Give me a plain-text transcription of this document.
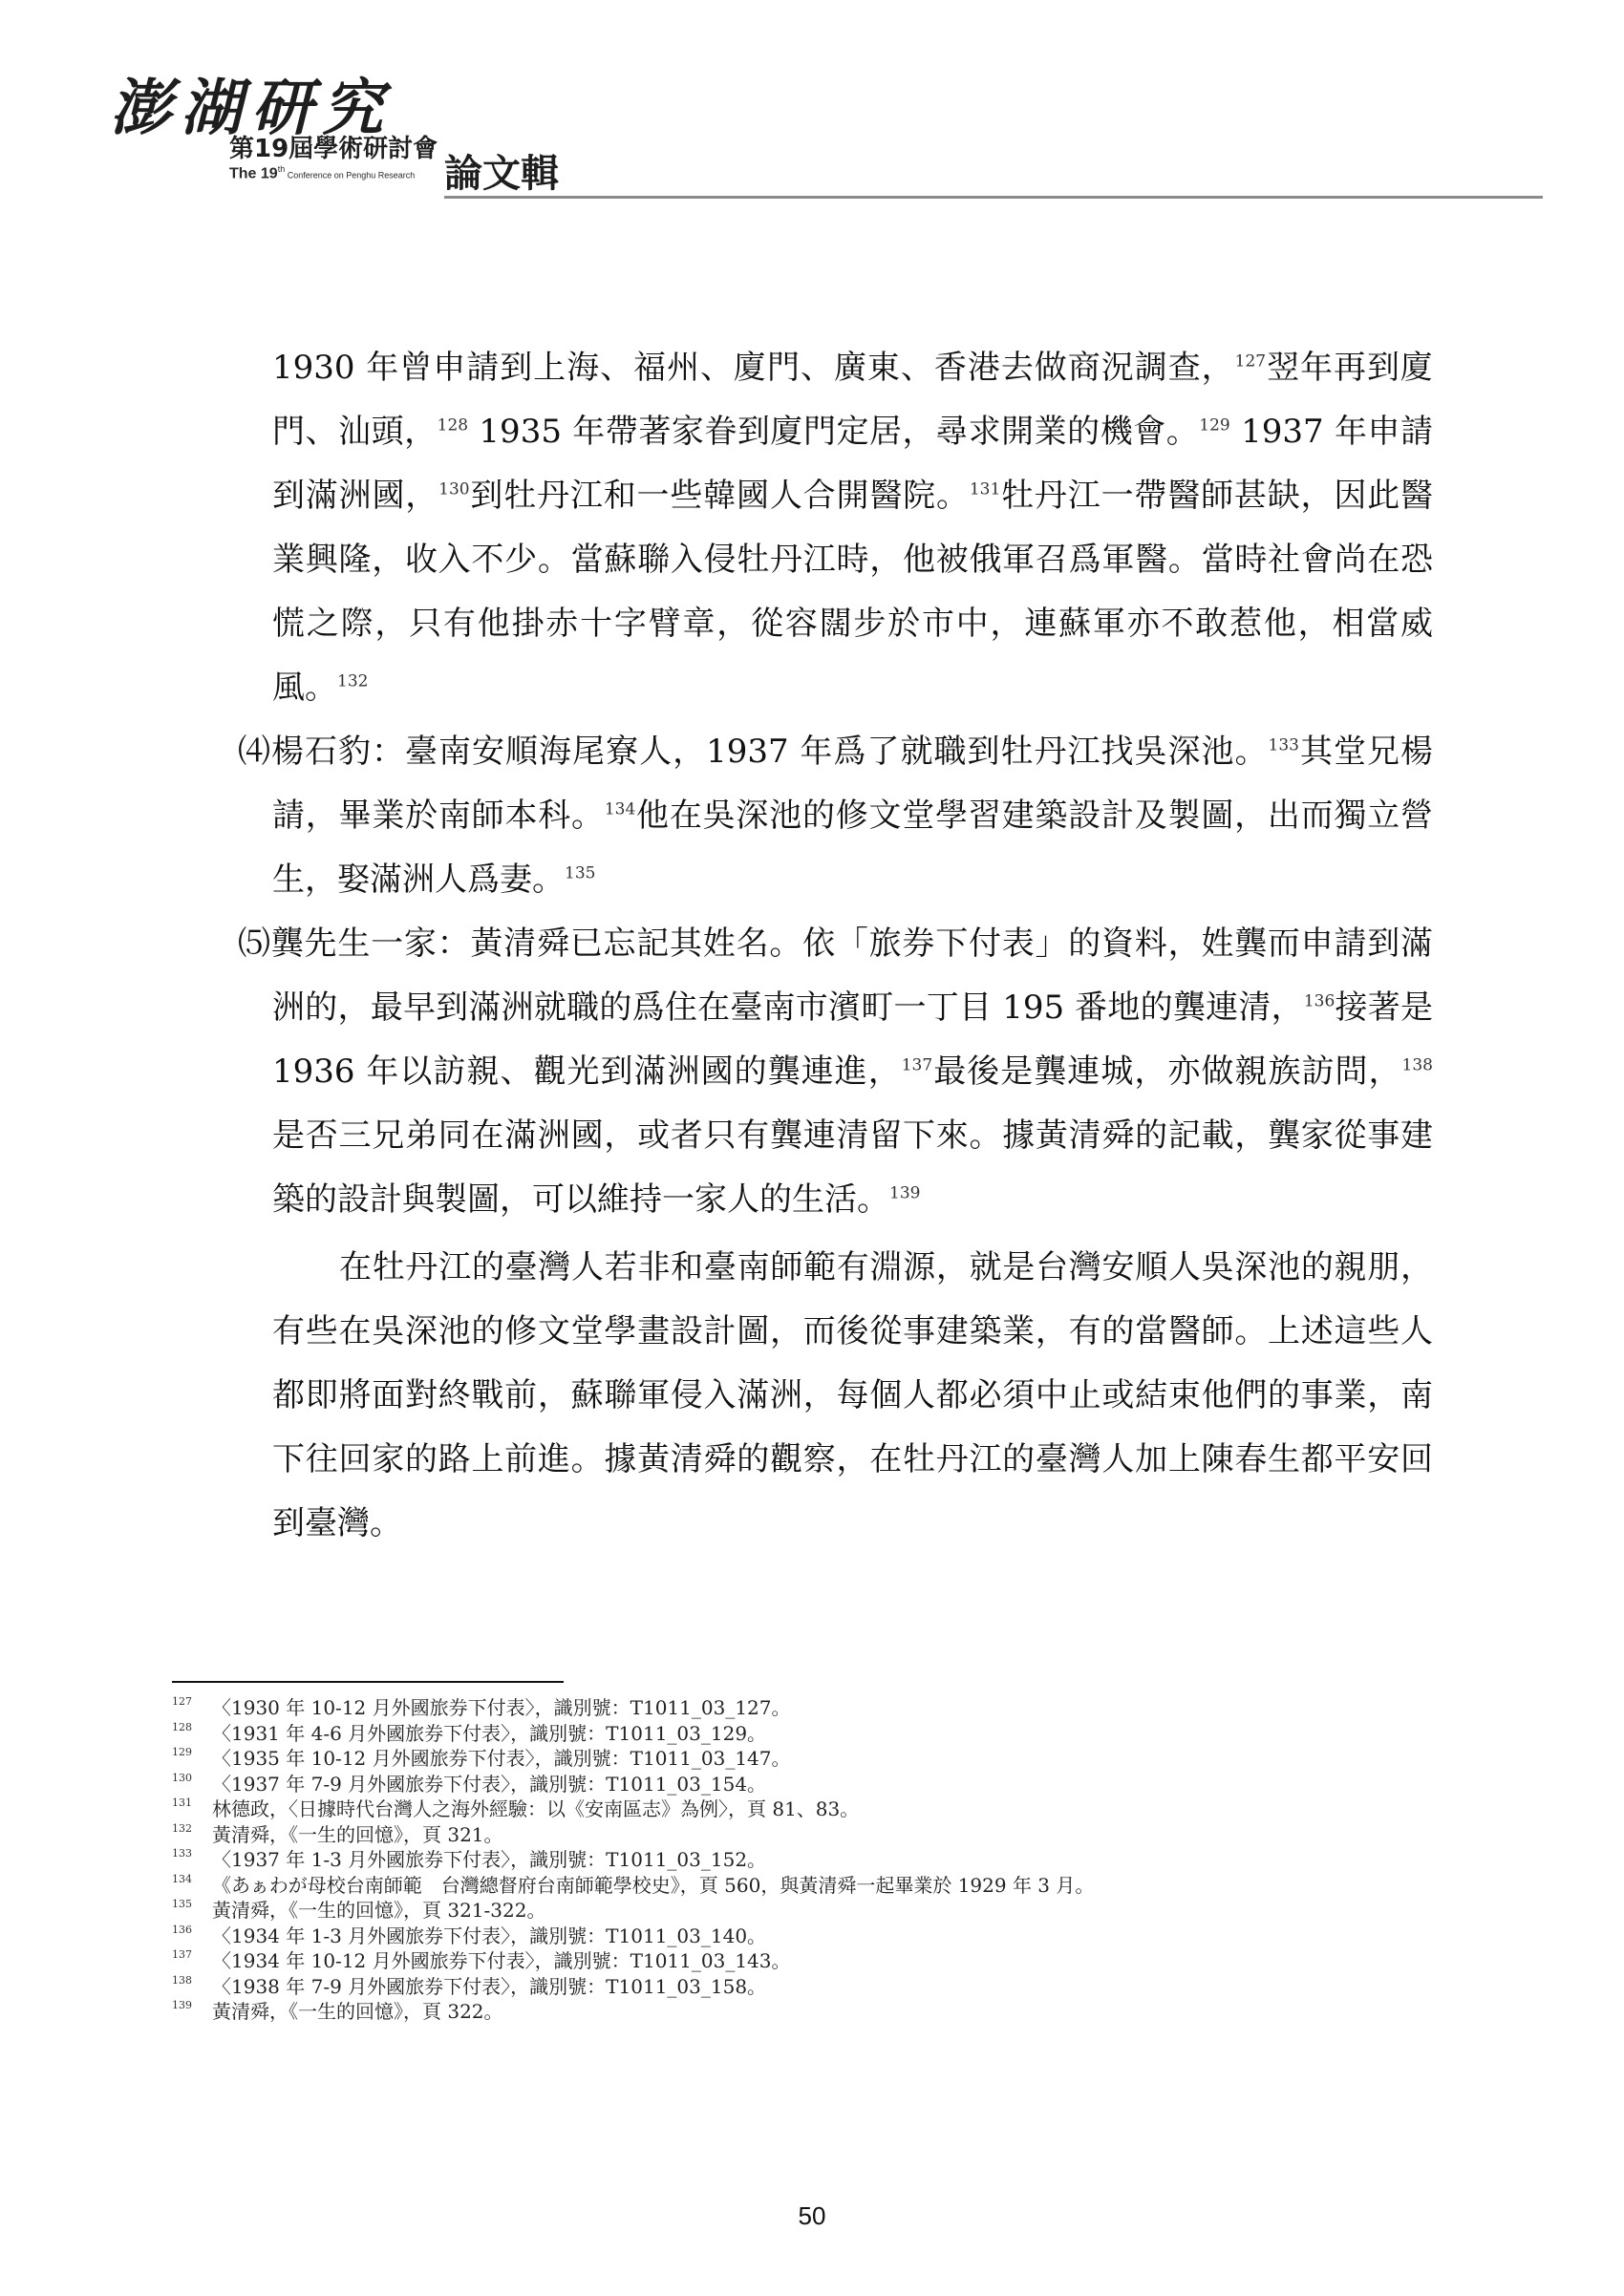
澎湖研究
第19屆學術研討會
The 19th Conference on Penghu Research 論文輯

1930 年曾申請到上海、福州、廈門、廣東、香港去做商況調查，$^{127}$翌年再到廈門、汕頭，$^{128}$ 1935 年帶著家眷到廈門定居，尋求開業的機會。$^{129}$ 1937 年申請到滿洲國，$^{130}$到牡丹江和一些韓國人合開醫院。$^{131}$牡丹江一帶醫師甚缺，因此醫業興隆，收入不少。當蘇聯入侵牡丹江時，他被俄軍召爲軍醫。當時社會尚在恐慌之際，只有他掛赤十字臂章，從容闊步於市中，連蘇軍亦不敢惹他，相當威風。$^{132}$

⑷楊石豹：臺南安順海尾寮人，1937 年爲了就職到牡丹江找吳深池。$^{133}$其堂兄楊請，畢業於南師本科。$^{134}$他在吳深池的修文堂學習建築設計及製圖，出而獨立營生，娶滿洲人爲妻。$^{135}$

⑸龔先生一家：黃清舜已忘記其姓名。依「旅券下付表」的資料，姓龔而申請到滿洲的，最早到滿洲就職的爲住在臺南市濱町一丁目 195 番地的龔連清，$^{136}$接著是 1936 年以訪親、觀光到滿洲國的龔連進，$^{137}$最後是龔連城，亦做親族訪問，$^{138}$是否三兄弟同在滿洲國，或者只有龔連清留下來。據黃清舜的記載，龔家從事建築的設計與製圖，可以維持一家人的生活。$^{139}$

在牡丹江的臺灣人若非和臺南師範有淵源，就是台灣安順人吳深池的親朋，有些在吳深池的修文堂學畫設計圖，而後從事建築業，有的當醫師。上述這些人都即將面對終戰前，蘇聯軍侵入滿洲，每個人都必須中止或結束他們的事業，南下往回家的路上前進。據黃清舜的觀察，在牡丹江的臺灣人加上陳春生都平安回到臺灣。

127	〈1930 年 10-12 月外國旅券下付表〉，識別號：T1011_03_127。
128	〈1931 年 4-6 月外國旅券下付表〉，識別號：T1011_03_129。
129	〈1935 年 10-12 月外國旅券下付表〉，識別號：T1011_03_147。
130	〈1937 年 7-9 月外國旅券下付表〉，識別號：T1011_03_154。
131	林德政，〈日據時代台灣人之海外經驗：以《安南區志》為例〉，頁 81、83。
132	黃清舜，《一生的回憶》，頁 321。
133	〈1937 年 1-3 月外國旅券下付表〉，識別號：T1011_03_152。
134	《あぁわが母校台南師範　台灣總督府台南師範學校史》，頁 560，與黃清舜一起畢業於 1929 年 3 月。
135	黃清舜，《一生的回憶》，頁 321-322。
136	〈1934 年 1-3 月外國旅券下付表〉，識別號：T1011_03_140。
137	〈1934 年 10-12 月外國旅券下付表〉，識別號：T1011_03_143。
138	〈1938 年 7-9 月外國旅券下付表〉，識別號：T1011_03_158。
139	黃清舜，《一生的回憶》，頁 322。
50
